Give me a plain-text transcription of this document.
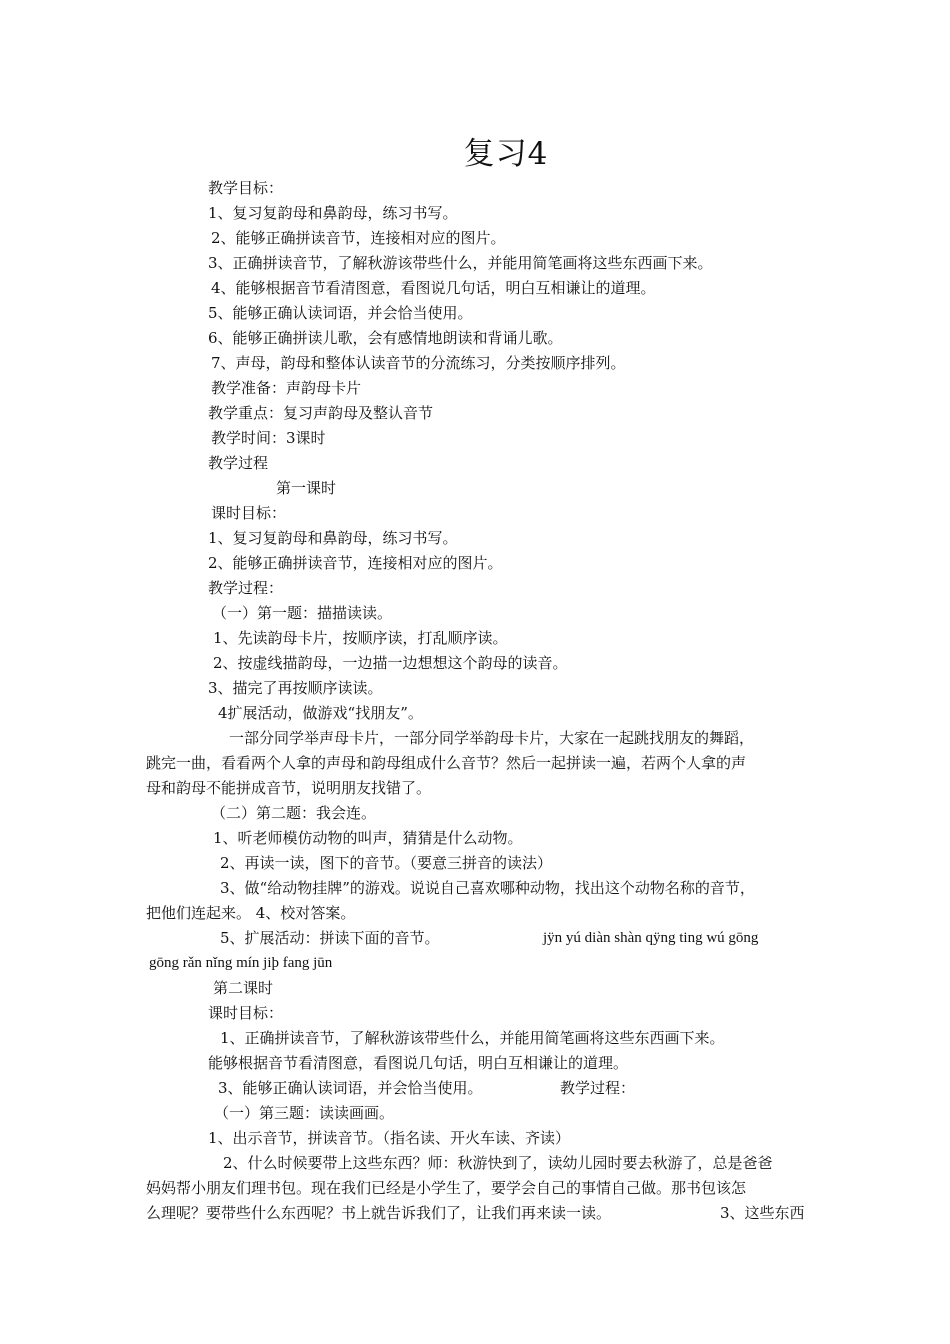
复习4
教学目标：
1、复习复韵母和鼻韵母，练习书写。
2、能够正确拼读音节，连接相对应的图片。
3、正确拼读音节，了解秋游该带些什么，并能用简笔画将这些东西画下来。
4、能够根据音节看清图意，看图说几句话，明白互相谦让的道理。
5、能够正确认读词语，并会恰当使用。
6、能够正确拼读儿歌，会有感情地朗读和背诵儿歌。
7、声母，韵母和整体认读音节的分流练习，分类按顺序排列。
教学准备：声韵母卡片
教学重点：复习声韵母及整认音节
教学时间：3课时
教学过程
第一课时
课时目标：
1、复习复韵母和鼻韵母，练习书写。
2、能够正确拼读音节，连接相对应的图片。
教学过程：
（一）第一题：描描读读。
1、先读韵母卡片，按顺序读，打乱顺序读。
2、按虚线描韵母，一边描一边想想这个韵母的读音。
3、描完了再按顺序读读。
4扩展活动，做游戏“找朋友”。
一部分同学举声母卡片，一部分同学举韵母卡片，大家在一起跳找朋友的舞蹈，
跳完一曲，看看两个人拿的声母和韵母组成什么音节？然后一起拼读一遍，若两个人拿的声
母和韵母不能拼成音节，说明朋友找错了。
（二）第二题：我会连。
1、听老师模仿动物的叫声，猜猜是什么动物。
2、再读一读，图下的音节。（要意三拼音的读法）
3、做“给动物挂牌”的游戏。说说自己喜欢哪种动物，找出这个动物名称的音节，
把他们连起来。 4、校对答案。
5、扩展活动：拼读下面的音节。	jÿn yú diàn shàn qÿng ting wú gōng
gōng rǎn nǐng mín jiþ fang jūn
第二课时
课时目标：
1、正确拼读音节，了解秋游该带些什么，并能用简笔画将这些东西画下来。
能够根据音节看清图意，看图说几句话，明白互相谦让的道理。
3、能够正确认读词语，并会恰当使用。	教学过程：
（一）第三题：读读画画。
1、出示音节，拼读音节。（指名读、开火车读、齐读）
2、什么时候要带上这些东西？师：秋游快到了，读幼儿园时要去秋游了，总是爸爸
妈妈帮小朋友们理书包。现在我们已经是小学生了，要学会自己的事情自己做。那书包该怎
么理呢？要带些什么东西呢？书上就告诉我们了，让我们再来读一读。	3、这些东西
